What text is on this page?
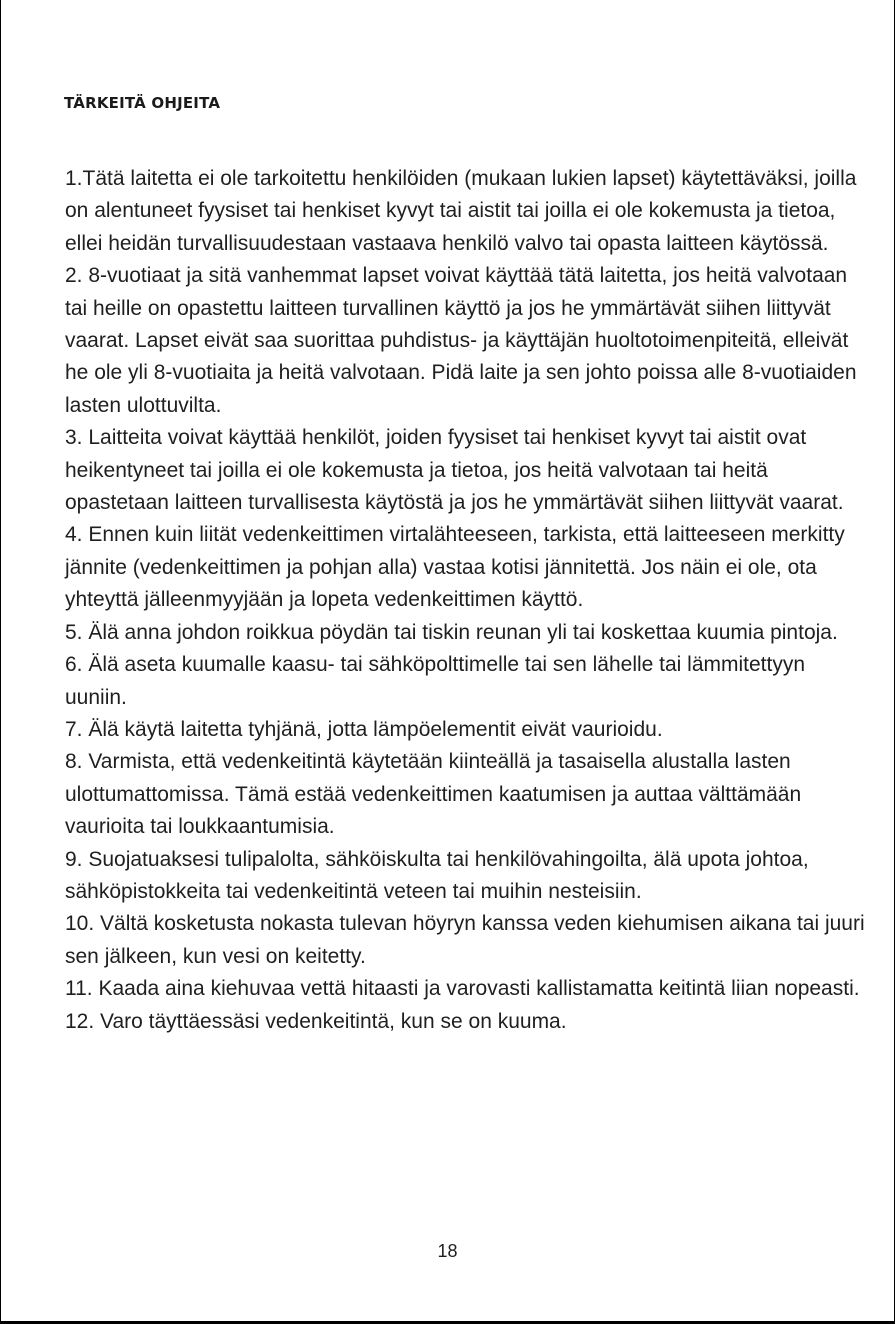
TÄRKEITÄ OHJEITA
1.Tätä laitetta ei ole tarkoitettu henkilöiden (mukaan lukien lapset) käytettäväksi, joilla on alentuneet fyysiset tai henkiset kyvyt tai aistit tai joilla ei ole kokemusta ja tietoa, ellei heidän turvallisuudestaan vastaava henkilö valvo tai opasta laitteen käytössä.
2. 8-vuotiaat ja sitä vanhemmat lapset voivat käyttää tätä laitetta, jos heitä valvotaan tai heille on opastettu laitteen turvallinen käyttö ja jos he ymmärtävät siihen liittyvät vaarat. Lapset eivät saa suorittaa puhdistus- ja käyttäjän huoltotoimenpiteitä, elleivät he ole yli 8-vuotiaita ja heitä valvotaan. Pidä laite ja sen johto poissa alle 8-vuotiaiden lasten ulottuvilta.
3. Laitteita voivat käyttää henkilöt, joiden fyysiset tai henkiset kyvyt tai aistit ovat heikentyneet tai joilla ei ole kokemusta ja tietoa, jos heitä valvotaan tai heitä opastetaan laitteen turvallisesta käytöstä ja jos he ymmärtävät siihen liittyvät vaarat.
4. Ennen kuin liität vedenkeittimen virtalähteeseen, tarkista, että laitteeseen merkitty jännite (vedenkeittimen ja pohjan alla) vastaa kotisi jännitettä. Jos näin ei ole, ota yhteyttä jälleenmyyjään ja lopeta vedenkeittimen käyttö.
5. Älä anna johdon roikkua pöydän tai tiskin reunan yli tai koskettaa kuumia pintoja.
6. Älä aseta kuumalle kaasu- tai sähköpolttimelle tai sen lähelle tai lämmitettyyn uuniin.
7. Älä käytä laitetta tyhjänä, jotta lämpöelementit eivät vaurioidu.
8. Varmista, että vedenkeitintä käytetään kiinteällä ja tasaisella alustalla lasten ulottumattomissa. Tämä estää vedenkeittimen kaatumisen ja auttaa välttämään vaurioita tai loukkaantumisia.
9. Suojatuaksesi tulipalolta, sähköiskulta tai henkilövahingoilta, älä upota johtoa, sähköpistokkeita tai vedenkeitintä veteen tai muihin nesteisiin.
10. Vältä kosketusta nokasta tulevan höyryn kanssa veden kiehumisen aikana tai juuri sen jälkeen, kun vesi on keitetty.
11. Kaada aina kiehuvaa vettä hitaasti ja varovasti kallistamatta keitintä liian nopeasti.
12. Varo täyttäessäsi vedenkeitintä, kun se on kuuma.
18
